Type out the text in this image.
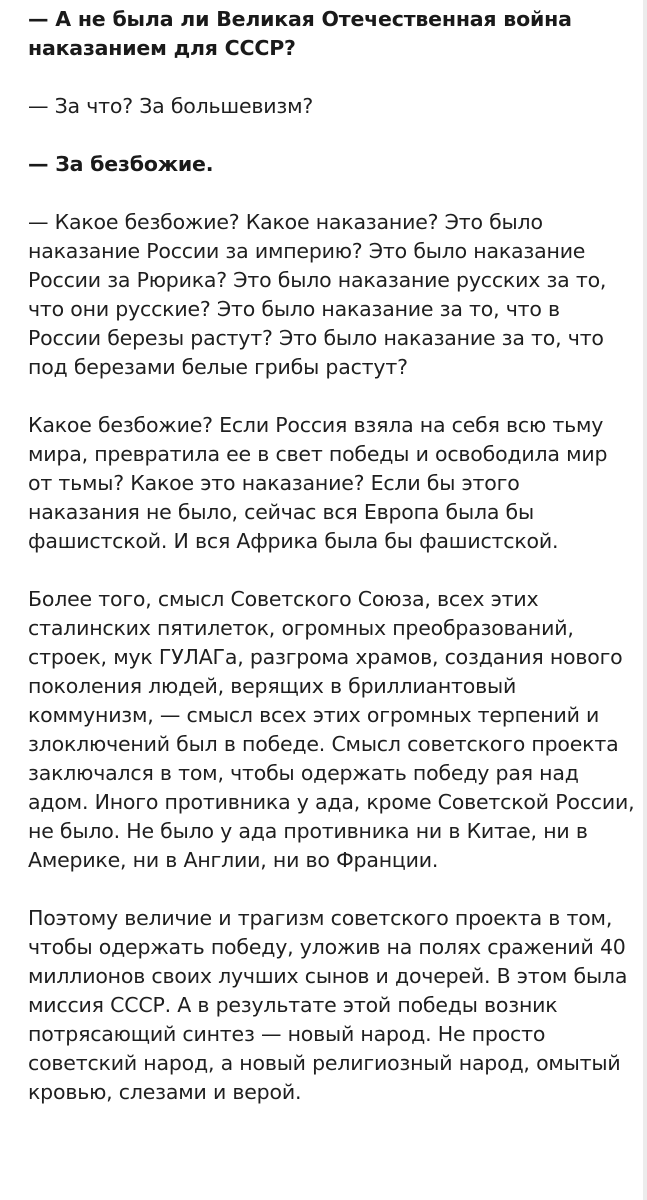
— А не была ли Великая Отечественная война наказанием для СССР?

— За что? За большевизм?

— За безбожие.

— Какое безбожие? Какое наказание? Это было наказание России за империю? Это было наказание России за Рюрика? Это было наказание русских за то, что они русские? Это было наказание за то, что в России березы растут? Это было наказание за то, что под березами белые грибы растут?

Какое безбожие? Если Россия взяла на себя всю тьму мира, превратила ее в свет победы и освободила мир от тьмы? Какое это наказание? Если бы этого наказания не было, сейчас вся Европа была бы фашистской. И вся Африка была бы фашистской.

Более того, смысл Советского Союза, всех этих сталинских пятилеток, огромных преобразований, строек, мук ГУЛАГа, разгрома храмов, создания нового поколения людей, верящих в бриллиантовый коммунизм, — смысл всех этих огромных терпений и злоключений был в победе. Смысл советского проекта заключался в том, чтобы одержать победу рая над адом. Иного противника у ада, кроме Советской России, не было. Не было у ада противника ни в Китае, ни в Америке, ни в Англии, ни во Франции.

Поэтому величие и трагизм советского проекта в том, чтобы одержать победу, уложив на полях сражений 40 миллионов своих лучших сынов и дочерей. В этом была миссия СССР. А в результате этой победы возник потрясающий синтез — новый народ. Не просто советский народ, а новый религиозный народ, омытый кровью, слезами и верой.
